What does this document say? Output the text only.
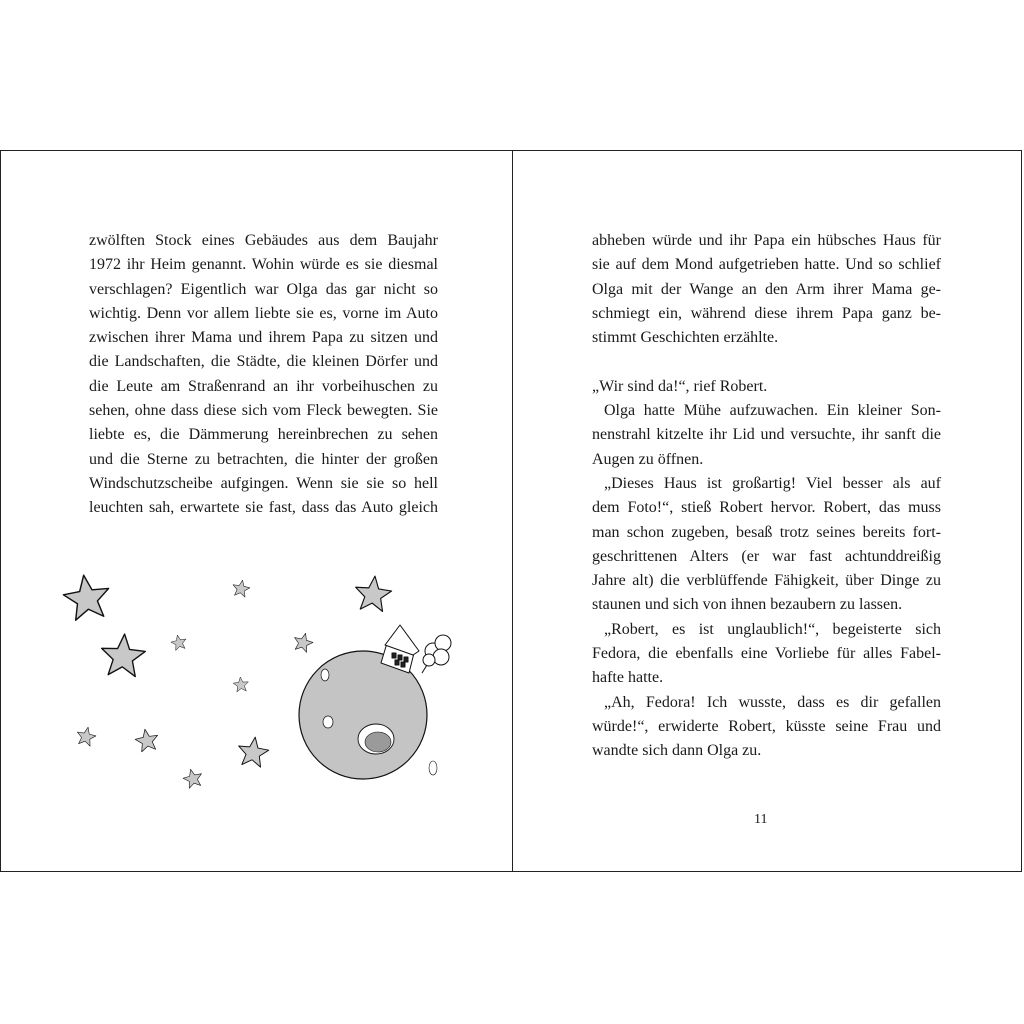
zwölften Stock eines Gebäudes aus dem Baujahr
1972 ihr Heim genannt. Wohin würde es sie diesmal
verschlagen? Eigentlich war Olga das gar nicht so
wichtig. Denn vor allem liebte sie es, vorne im Auto
zwischen ihrer Mama und ihrem Papa zu sitzen und
die Landschaften, die Städte, die kleinen Dörfer und
die Leute am Straßenrand an ihr vorbeihuschen zu
sehen, ohne dass diese sich vom Fleck bewegten. Sie
liebte es, die Dämmerung hereinbrechen zu sehen
und die Sterne zu betrachten, die hinter der großen
Windschutzscheibe aufgingen. Wenn sie sie so hell
leuchten sah, erwartete sie fast, dass das Auto gleich
abheben würde und ihr Papa ein hübsches Haus für
sie auf dem Mond aufgetrieben hatte. Und so schlief
Olga mit der Wange an den Arm ihrer Mama ge-
schmiegt ein, während diese ihrem Papa ganz be-
stimmt Geschichten erzählte.
„Wir sind da!“, rief Robert.
Olga hatte Mühe aufzuwachen. Ein kleiner Son-
nenstrahl kitzelte ihr Lid und versuchte, ihr sanft die
Augen zu öffnen.
„Dieses Haus ist großartig! Viel besser als auf
dem Foto!“, stieß Robert hervor. Robert, das muss
man schon zugeben, besaß trotz seines bereits fort-
geschrittenen Alters (er war fast achtunddreißig
Jahre alt) die verblüffende Fähigkeit, über Dinge zu
staunen und sich von ihnen bezaubern zu lassen.
„Robert, es ist unglaublich!“, begeisterte sich
Fedora, die ebenfalls eine Vorliebe für alles Fabel-
hafte hatte.
„Ah, Fedora! Ich wusste, dass es dir gefallen
würde!“, erwiderte Robert, küsste seine Frau und
wandte sich dann Olga zu.
11
